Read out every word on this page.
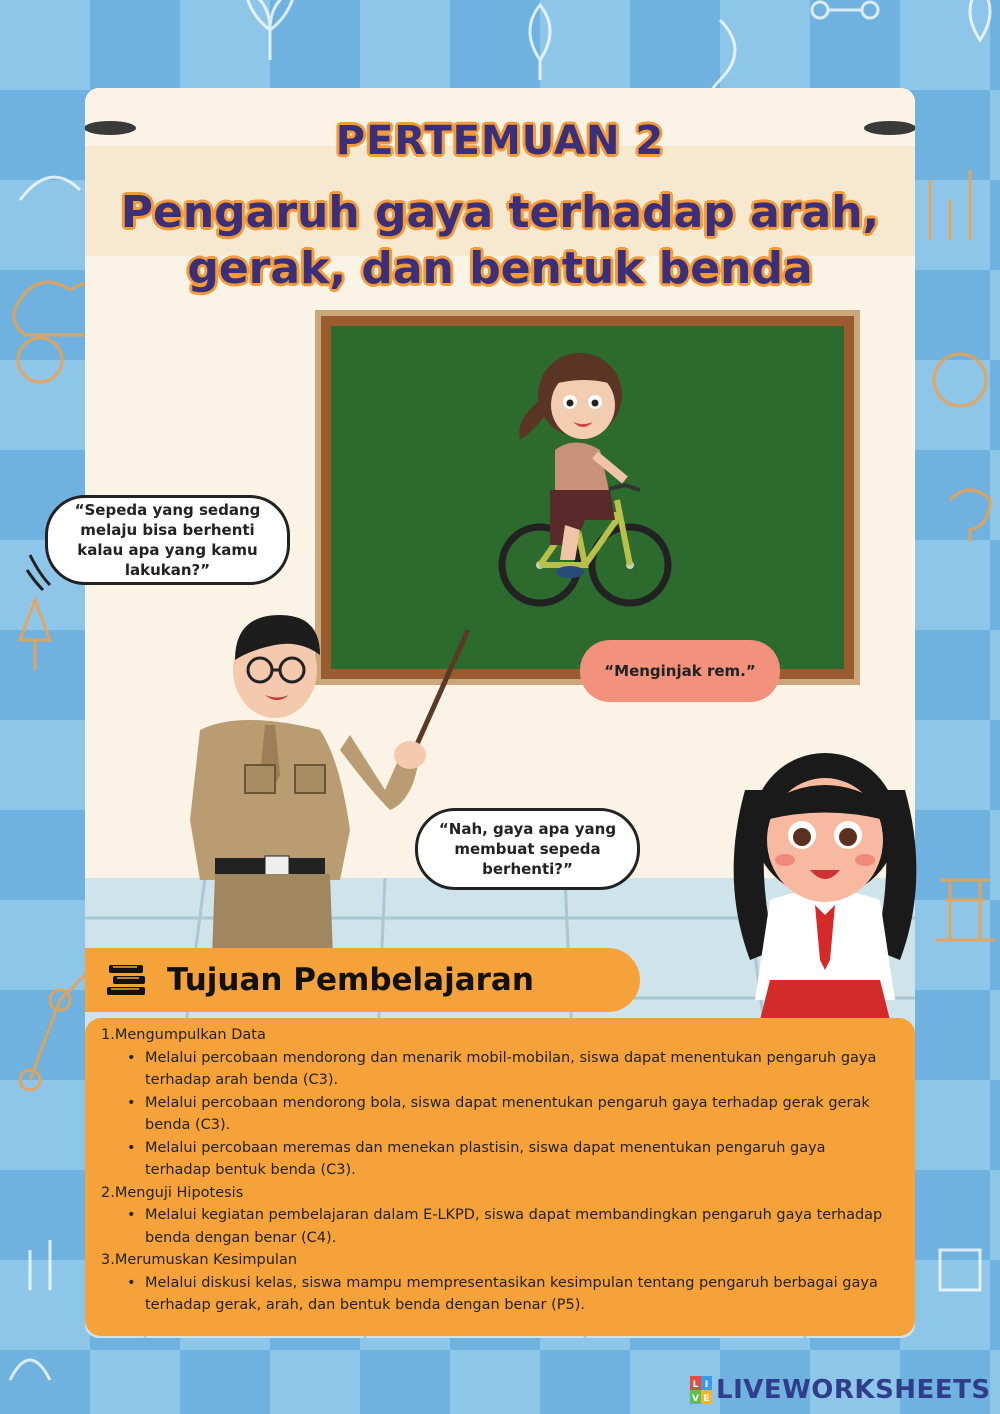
PERTEMUAN 2
Pengaruh gaya terhadap arah,
gerak, dan bentuk benda
“Sepeda yang sedang melaju bisa berhenti kalau apa yang kamu lakukan?”
“Menginjak rem.”
“Nah, gaya apa yang membuat sepeda berhenti?”
Tujuan Pembelajaran

1.Mengumpulkan Data

• Melalui percobaan mendorong dan menarik mobil-mobilan, siswa dapat menentukan pengaruh gaya terhadap arah benda (C3).
• Melalui percobaan mendorong bola, siswa dapat menentukan pengaruh gaya terhadap gerak gerak benda (C3).
• Melalui percobaan meremas dan menekan plastisin, siswa dapat menentukan pengaruh gaya terhadap bentuk benda (C3).

2.Menguji Hipotesis

• Melalui kegiatan pembelajaran dalam E-LKPD, siswa dapat membandingkan pengaruh gaya terhadap benda dengan benar (C4).

3.Merumuskan Kesimpulan

• Melalui diskusi kelas, siswa mampu mempresentasikan kesimpulan tentang pengaruh berbagai gaya terhadap gerak, arah, dan bentuk benda dengan benar (P5).
L I
V E LIVEWORKSHEETS
